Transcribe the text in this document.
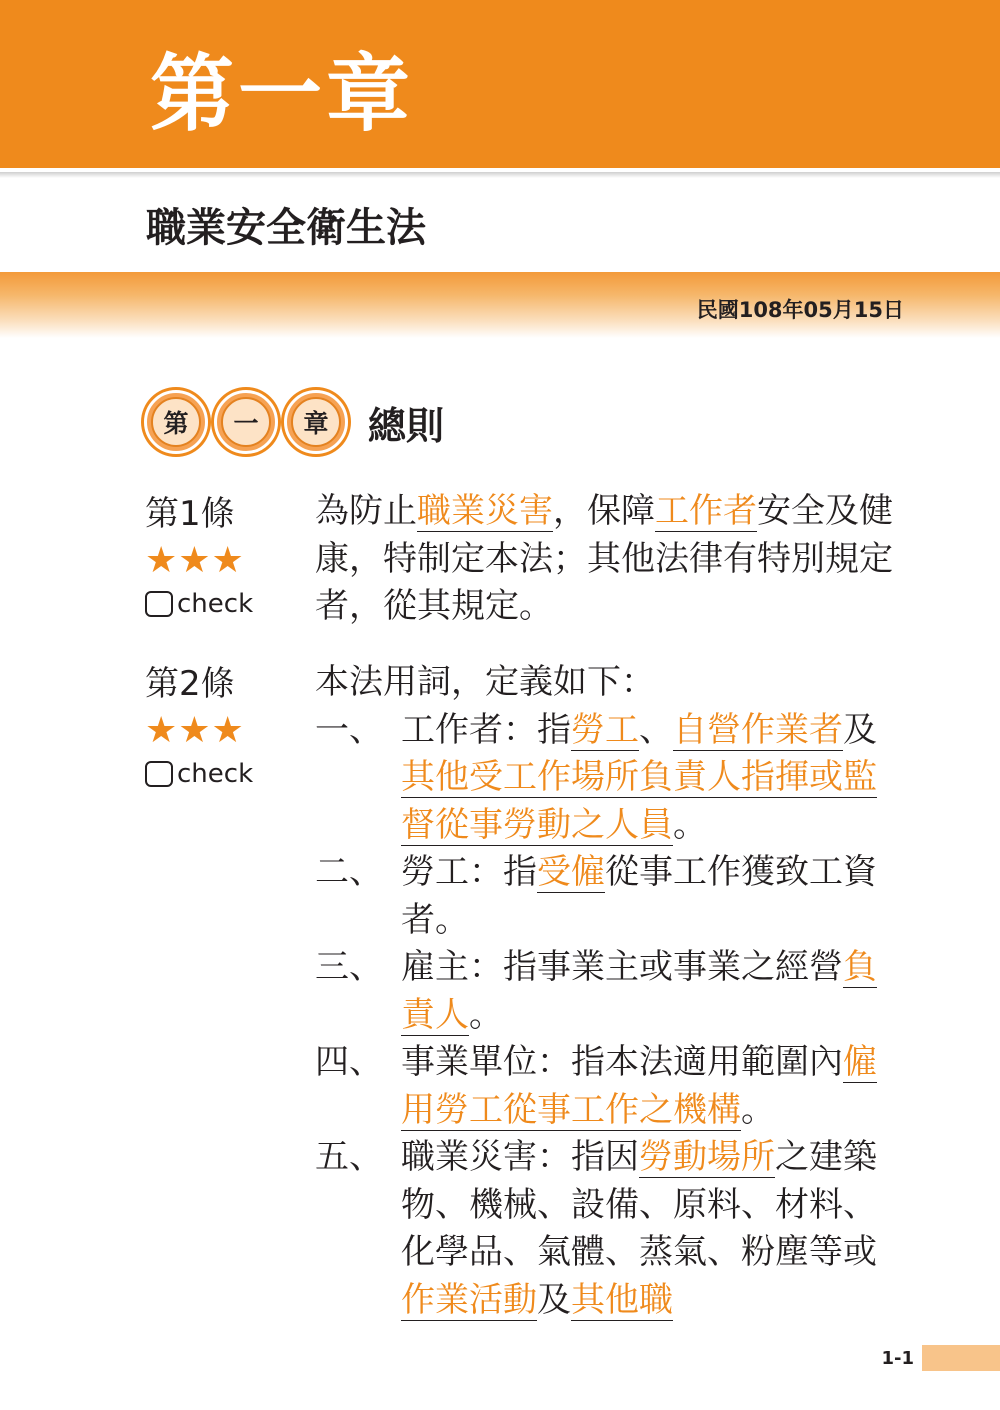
第一章
職業安全衛生法
民國108年05月15日
第	一	章	總則
第1條
★★★
check

為防止職業災害，保障工作者安全及健康，特制定本法；其他法律有特別規定者，從其規定。

第2條
★★★
check

本法用詞，定義如下：

一、 工作者：指勞工、自營作業者及其他受工作場所負責人指揮或監督從事勞動之人員。
二、 勞工：指受僱從事工作獲致工資者。
三、 雇主：指事業主或事業之經營負責人。
四、 事業單位：指本法適用範圍內僱用勞工從事工作之機構。
五、 職業災害：指因勞動場所之建築物、機械、設備、原料、材料、化學品、氣體、蒸氣、粉塵等或作業活動及其他職
1-1
